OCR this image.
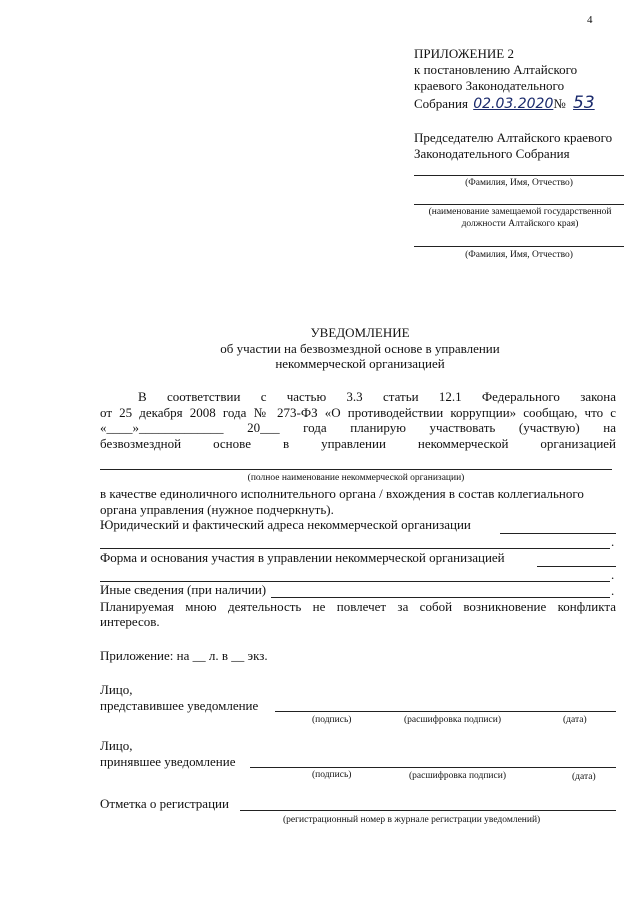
4
ПРИЛОЖЕНИЕ 2
к постановлению Алтайского
краевого Законодательного
Собрания 02.03.2020№ 53
Председателю Алтайского краевого
Законодательного Собрания
(Фамилия, Имя, Отчество)
(наименование замещаемой государственной
должности Алтайского края)
(Фамилия, Имя, Отчество)
УВЕДОМЛЕНИЕ
об участии на безвозмездной основе в управлении
некоммерческой организацией
В соответствии с частью 3.3 статьи 12.1 Федерального закона
от 25 декабря 2008 года № 273-ФЗ «О противодействии коррупции» сообщаю, что с
«____»_____________ 20___ года планирую участвовать (участвую) на
безвозмездной основе в управлении некоммерческой организацией
(полное наименование некоммерческой организации)
в качестве единоличного исполнительного органа / вхождения в состав коллегиального
органа управления (нужное подчеркнуть).
Юридический и фактический адреса некоммерческой организации
.
Форма и основания участия в управлении некоммерческой организацией
.
Иные сведения (при наличии)	.
Планируемая мною деятельность не повлечет за собой возникновение конфликта
интересов.
Приложение: на __ л. в __ экз.
Лицо,
представившее уведомление
(подпись)	(расшифровка подписи)	(дата)
Лицо,
принявшее уведомление
(подпись)	(расшифровка подписи)	(дата)
Отметка о регистрации
(регистрационный номер в журнале регистрации уведомлений)
